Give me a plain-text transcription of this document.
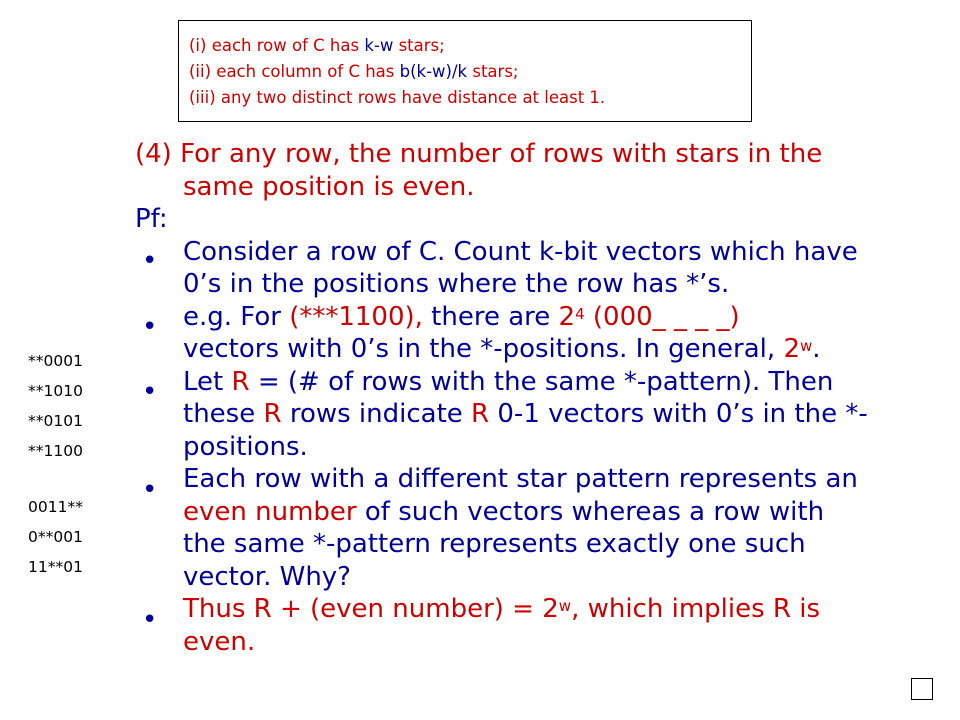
(i) each row of C has k-w stars;
(ii) each column of C has b(k-w)/k stars;
(iii) any two distinct rows have distance at least 1.
**0001
**1010
**0101
**1100
0011**
0**001
11**01
•
•
•
•
•
(4) For any row, the number of rows with stars in the
same position is even.
Pf:
Consider a row of C. Count k-bit vectors which have
0’s in the positions where the row has *’s.
e.g. For (***1100), there are $2^4$ (000_ _ _ _)
vectors with 0’s in the *-positions. In general, 2$^w$.
Let R = (# of rows with the same *-pattern). Then
these R rows indicate R 0-1 vectors with 0’s in the *-
positions.
Each row with a different star pattern represents an
even number of such vectors whereas a row with
the same *-pattern represents exactly one such
vector. Why?
Thus R + (even number) = $2^w$, which implies R is
even.
